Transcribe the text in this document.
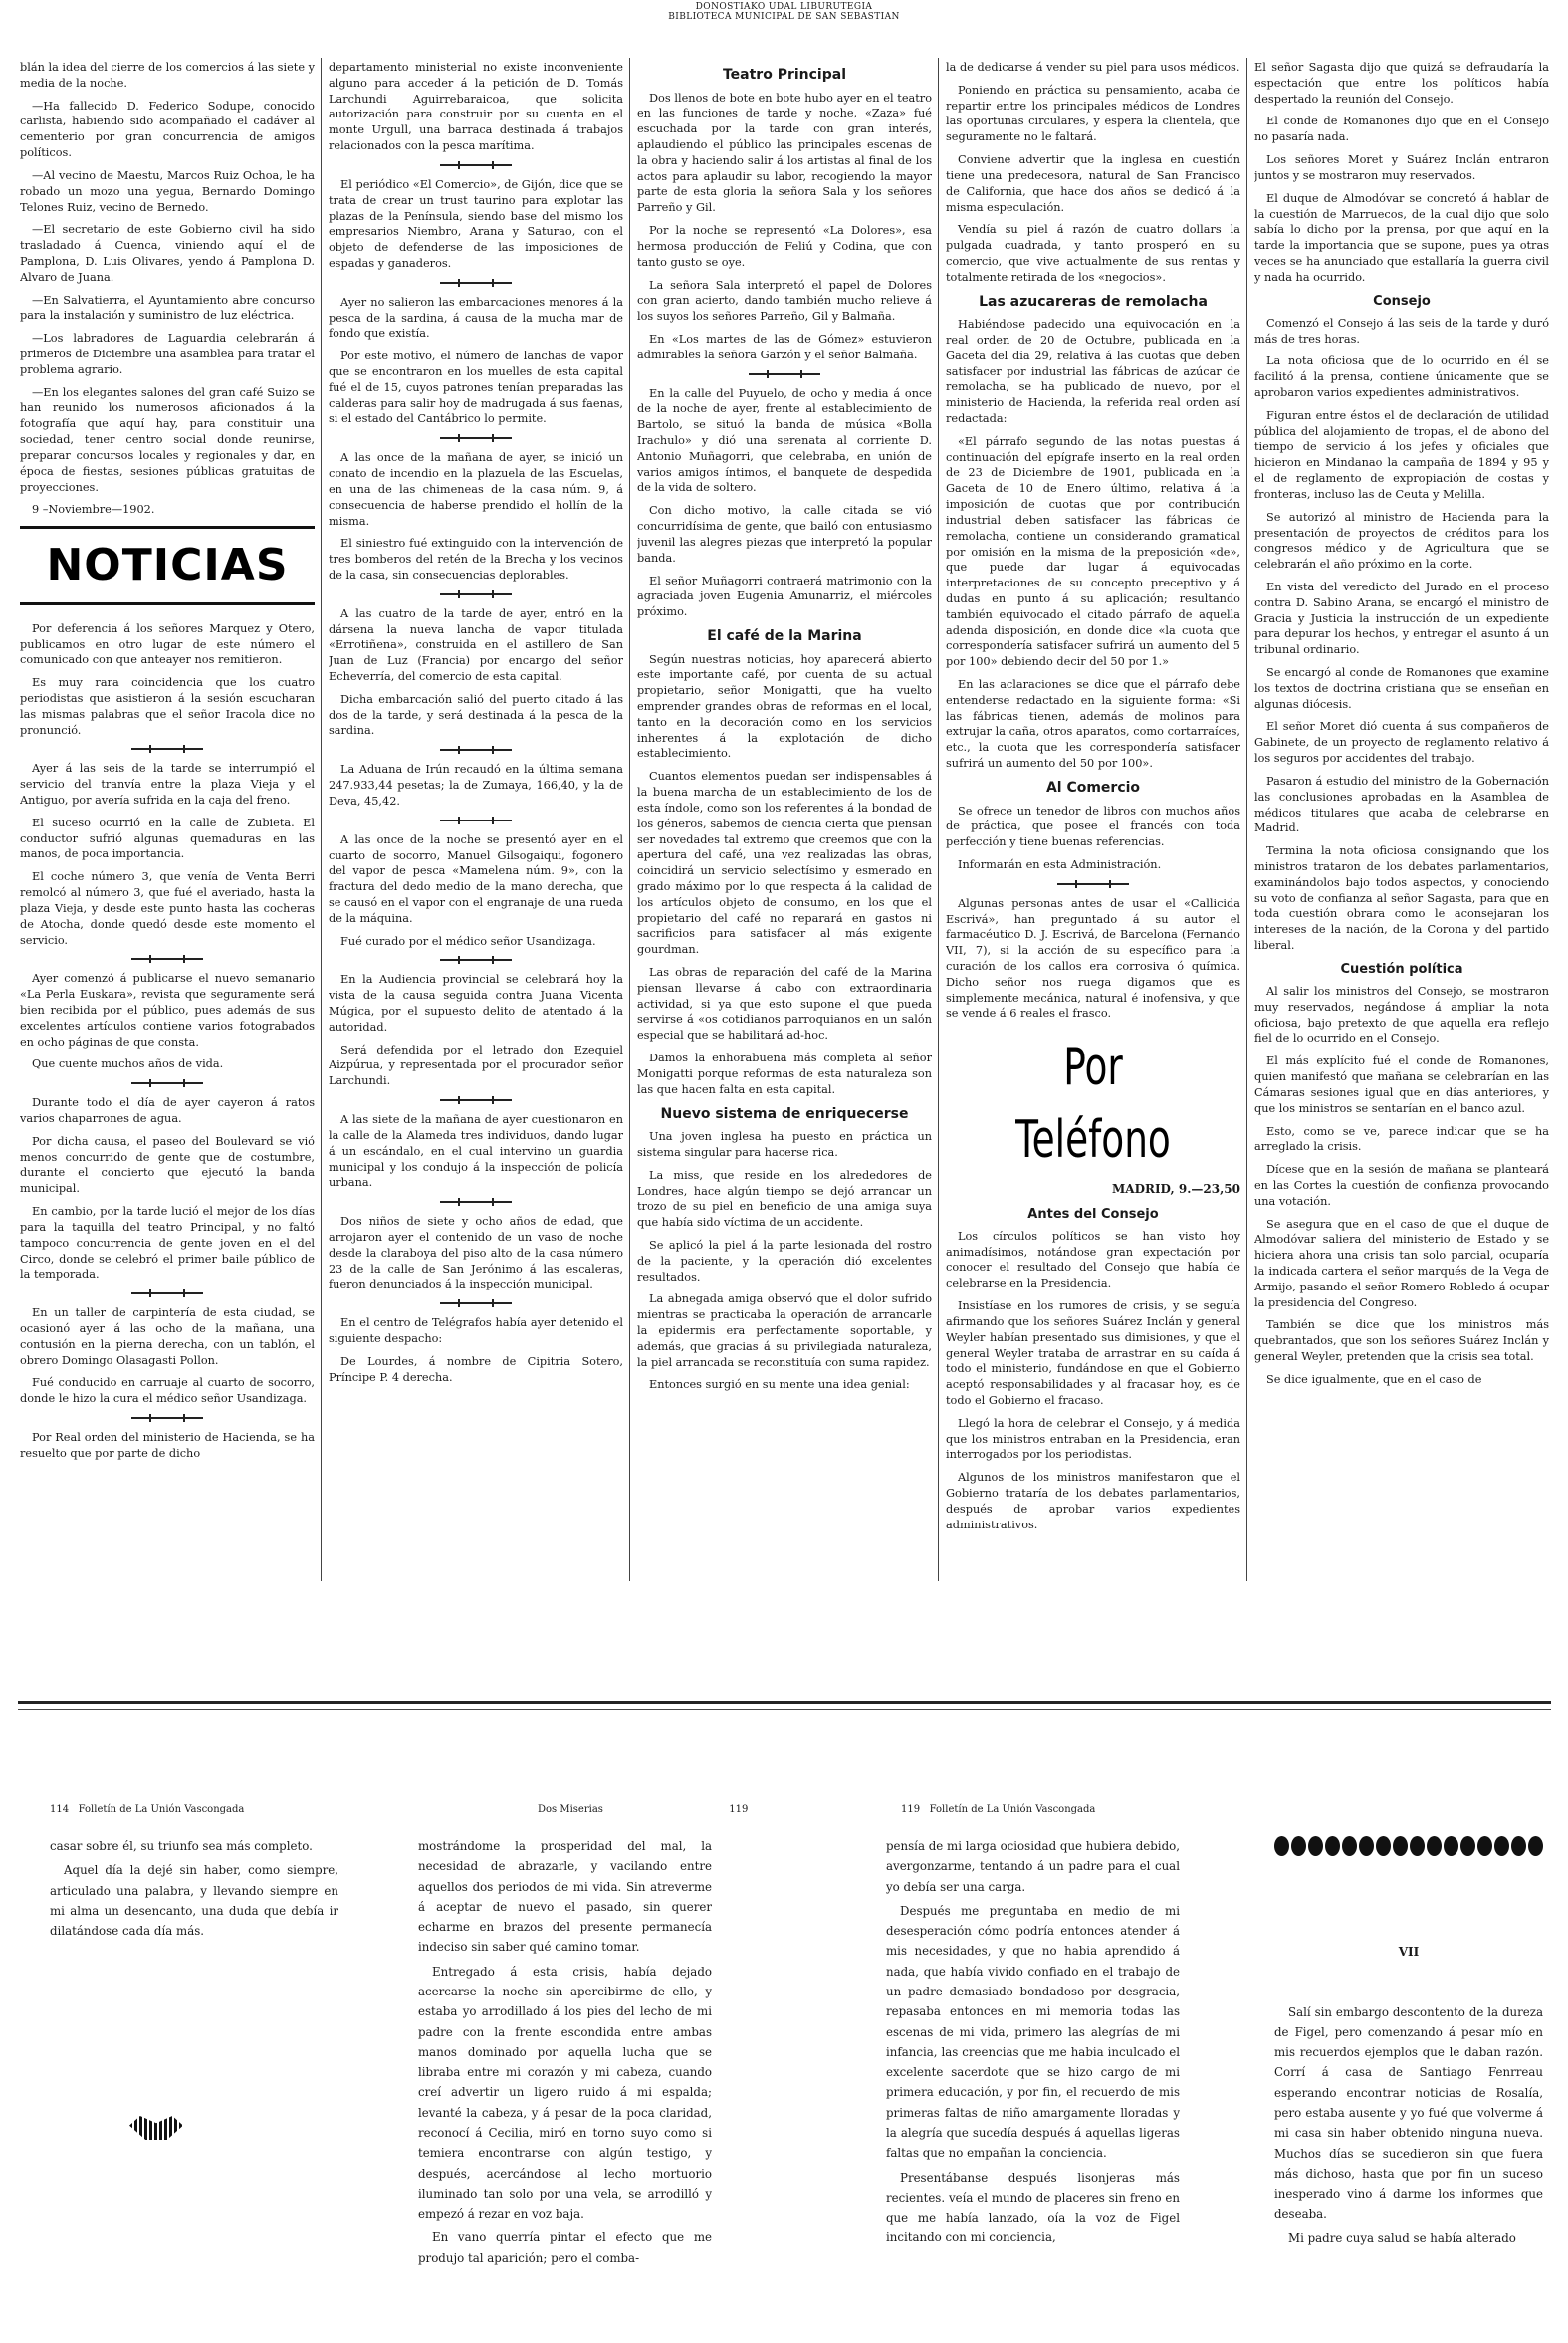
DONOSTIAKO UDAL LIBURUTEGIA
BIBLIOTECA MUNICIPAL DE SAN SEBASTIAN

blán la idea del cierre de los comercios á las siete y media de la noche.

—Ha fallecido D. Federico Sodupe, conocido carlista, habiendo sido acompañado el cadáver al cementerio por gran concurrencia de amigos políticos.

—Al vecino de Maestu, Marcos Ruiz Ochoa, le ha robado un mozo una yegua, Bernardo Domingo Telones Ruiz, vecino de Bernedo.

—El secretario de este Gobierno civil ha sido trasladado á Cuenca, viniendo aquí el de Pamplona, D. Luis Olivares, yendo á Pamplona D. Alvaro de Juana.

—En Salvatierra, el Ayuntamiento abre concurso para la instalación y suministro de luz eléctrica.

—Los labradores de Laguardia celebrarán á primeros de Diciembre una asamblea para tratar el problema agrario.

—En los elegantes salones del gran café Suizo se han reunido los numerosos aficionados á la fotografía que aquí hay, para constituir una sociedad, tener centro social donde reunirse, preparar concursos locales y regionales y dar, en época de fiestas, sesiones públicas gratuitas de proyecciones.

9 –Noviembre—1902.

NOTICIAS

Por deferencia á los señores Marquez y Otero, publicamos en otro lugar de este número el comunicado con que anteayer nos remitieron.

Es muy rara coincidencia que los cuatro periodistas que asistieron á la sesión escucharan las mismas palabras que el señor Iracola dice no pronunció.

Ayer á las seis de la tarde se interrumpió el servicio del tranvía entre la plaza Vieja y el Antiguo, por avería sufrida en la caja del freno.

El suceso ocurrió en la calle de Zubieta. El conductor sufrió algunas quemaduras en las manos, de poca importancia.

El coche número 3, que venía de Venta Berri remolcó al número 3, que fué el averiado, hasta la plaza Vieja, y desde este punto hasta las cocheras de Atocha, donde quedó desde este momento el servicio.

Ayer comenzó á publicarse el nuevo semanario «La Perla Euskara», revista que seguramente será bien recibida por el público, pues además de sus excelentes artículos contiene varios fotograbados en ocho páginas de que consta.

Que cuente muchos años de vida.

Durante todo el día de ayer cayeron á ratos varios chaparrones de agua.

Por dicha causa, el paseo del Boulevard se vió menos concurrido de gente que de costumbre, durante el concierto que ejecutó la banda municipal.

En cambio, por la tarde lució el mejor de los días para la taquilla del teatro Principal, y no faltó tampoco concurrencia de gente joven en el del Circo, donde se celebró el primer baile público de la temporada.

En un taller de carpintería de esta ciudad, se ocasionó ayer á las ocho de la mañana, una contusión en la pierna derecha, con un tablón, el obrero Domingo Olasagasti Pollon.

Fué conducido en carruaje al cuarto de socorro, donde le hizo la cura el médico señor Usandizaga.

Por Real orden del ministerio de Hacienda, se ha resuelto que por parte de dicho

departamento ministerial no existe inconveniente alguno para acceder á la petición de D. Tomás Larchundi Aguirrebaraicoa, que solicita autorización para construir por su cuenta en el monte Urgull, una barraca destinada á trabajos relacionados con la pesca marítima.

El periódico «El Comercio», de Gijón, dice que se trata de crear un trust taurino para explotar las plazas de la Península, siendo base del mismo los empresarios Niembro, Arana y Saturao, con el objeto de defenderse de las imposiciones de espadas y ganaderos.

Ayer no salieron las embarcaciones menores á la pesca de la sardina, á causa de la mucha mar de fondo que existía.

Por este motivo, el número de lanchas de vapor que se encontraron en los muelles de esta capital fué el de 15, cuyos patrones tenían preparadas las calderas para salir hoy de madrugada á sus faenas, si el estado del Cantábrico lo permite.

A las once de la mañana de ayer, se inició un conato de incendio en la plazuela de las Escuelas, en una de las chimeneas de la casa núm. 9, á consecuencia de haberse prendido el hollín de la misma.

El siniestro fué extinguido con la intervención de tres bomberos del retén de la Brecha y los vecinos de la casa, sin consecuencias deplorables.

A las cuatro de la tarde de ayer, entró en la dársena la nueva lancha de vapor titulada «Errotiñena», construida en el astillero de San Juan de Luz (Francia) por encargo del señor Echeverría, del comercio de esta capital.

Dicha embarcación salió del puerto citado á las dos de la tarde, y será destinada á la pesca de la sardina.

La Aduana de Irún recaudó en la última semana 247.933,44 pesetas; la de Zumaya, 166,40, y la de Deva, 45,42.

A las once de la noche se presentó ayer en el cuarto de socorro, Manuel Gilsogaiqui, fogonero del vapor de pesca «Mamelena núm. 9», con la fractura del dedo medio de la mano derecha, que se causó en el vapor con el engranaje de una rueda de la máquina.

Fué curado por el médico señor Usandizaga.

En la Audiencia provincial se celebrará hoy la vista de la causa seguida contra Juana Vicenta Múgica, por el supuesto delito de atentado á la autoridad.

Será defendida por el letrado don Ezequiel Aizpúrua, y representada por el procurador señor Larchundi.

A las siete de la mañana de ayer cuestionaron en la calle de la Alameda tres individuos, dando lugar á un escándalo, en el cual intervino un guardia municipal y los condujo á la inspección de policía urbana.

Dos niños de siete y ocho años de edad, que arrojaron ayer el contenido de un vaso de noche desde la claraboya del piso alto de la casa número 23 de la calle de San Jerónimo á las escaleras, fueron denunciados á la inspección municipal.

En el centro de Telégrafos había ayer detenido el siguiente despacho:

De Lourdes, á nombre de Cipitria Sotero, Príncipe P. 4 derecha.

Teatro Principal

Dos llenos de bote en bote hubo ayer en el teatro en las funciones de tarde y noche, «Zaza» fué escuchada por la tarde con gran interés, aplaudiendo el público las principales escenas de la obra y haciendo salir á los artistas al final de los actos para aplaudir su labor, recogiendo la mayor parte de esta gloria la señora Sala y los señores Parreño y Gil.

Por la noche se representó «La Dolores», esa hermosa producción de Feliú y Codina, que con tanto gusto se oye.

La señora Sala interpretó el papel de Dolores con gran acierto, dando también mucho relieve á los suyos los señores Parreño, Gil y Balmaña.

En «Los martes de las de Gómez» estuvieron admirables la señora Garzón y el señor Balmaña.

En la calle del Puyuelo, de ocho y media á once de la noche de ayer, frente al establecimiento de Bartolo, se situó la banda de música «Bolla Irachulo» y dió una serenata al corriente D. Antonio Muñagorri, que celebraba, en unión de varios amigos íntimos, el banquete de despedida de la vida de soltero.

Con dicho motivo, la calle citada se vió concurridísima de gente, que bailó con entusiasmo juvenil las alegres piezas que interpretó la popular banda.

El señor Muñagorri contraerá matrimonio con la agraciada joven Eugenia Amunarriz, el miércoles próximo.

El café de la Marina

Según nuestras noticias, hoy aparecerá abierto este importante café, por cuenta de su actual propietario, señor Monigatti, que ha vuelto emprender grandes obras de reformas en el local, tanto en la decoración como en los servicios inherentes á la explotación de dicho establecimiento.

Cuantos elementos puedan ser indispensables á la buena marcha de un establecimiento de los de esta índole, como son los referentes á la bondad de los géneros, sabemos de ciencia cierta que piensan ser novedades tal extremo que creemos que con la apertura del café, una vez realizadas las obras, coincidirá un servicio selectísimo y esmerado en grado máximo por lo que respecta á la calidad de los artículos objeto de consumo, en los que el propietario del café no reparará en gastos ni sacrificios para satisfacer al más exigente gourdman.

Las obras de reparación del café de la Marina piensan llevarse á cabo con extraordinaria actividad, si ya que esto supone el que pueda servirse á «os cotidianos parroquianos en un salón especial que se habilitará ad-hoc.

Damos la enhorabuena más completa al señor Monigatti porque reformas de esta naturaleza son las que hacen falta en esta capital.

Nuevo sistema de enriquecerse

Una joven inglesa ha puesto en práctica un sistema singular para hacerse rica.

La miss, que reside en los alrededores de Londres, hace algún tiempo se dejó arrancar un trozo de su piel en beneficio de una amiga suya que había sido víctima de un accidente.

Se aplicó la piel á la parte lesionada del rostro de la paciente, y la operación dió excelentes resultados.

La abnegada amiga observó que el dolor sufrido mientras se practicaba la operación de arrancarle la epidermis era perfectamente soportable, y además, que gracias á su privilegiada naturaleza, la piel arrancada se reconstituía con suma rapidez.

Entonces surgió en su mente una idea genial:

la de dedicarse á vender su piel para usos médicos.

Poniendo en práctica su pensamiento, acaba de repartir entre los principales médicos de Londres las oportunas circulares, y espera la clientela, que seguramente no le faltará.

Conviene advertir que la inglesa en cuestión tiene una predecesora, natural de San Francisco de California, que hace dos años se dedicó á la misma especulación.

Vendía su piel á razón de cuatro dollars la pulgada cuadrada, y tanto prosperó en su comercio, que vive actualmente de sus rentas y totalmente retirada de los «negocios».

Las azucareras de remolacha

Habiéndose padecido una equivocación en la real orden de 20 de Octubre, publicada en la Gaceta del día 29, relativa á las cuotas que deben satisfacer por industrial las fábricas de azúcar de remolacha, se ha publicado de nuevo, por el ministerio de Hacienda, la referida real orden así redactada:

«El párrafo segundo de las notas puestas á continuación del epígrafe inserto en la real orden de 23 de Diciembre de 1901, publicada en la Gaceta de 10 de Enero último, relativa á la imposición de cuotas que por contribución industrial deben satisfacer las fábricas de remolacha, contiene un considerando gramatical por omisión en la misma de la preposición «de», que puede dar lugar á equivocadas interpretaciones de su concepto preceptivo y á dudas en punto á su aplicación; resultando también equivocado el citado párrafo de aquella adenda disposición, en donde dice «la cuota que correspondería satisfacer sufrirá un aumento del 5 por 100» debiendo decir del 50 por 1.»

En las aclaraciones se dice que el párrafo debe entenderse redactado en la siguiente forma: «Si las fábricas tienen, además de molinos para extrujar la caña, otros aparatos, como cortarraíces, etc., la cuota que les correspondería satisfacer sufrirá un aumento del 50 por 100».

Al Comercio

Se ofrece un tenedor de libros con muchos años de práctica, que posee el francés con toda perfección y tiene buenas referencias.

Informarán en esta Administración.

Algunas personas antes de usar el «Callicida Escrivá», han preguntado á su autor el farmacéutico D. J. Escrivá, de Barcelona (Fernando VII, 7), si la acción de su específico para la curación de los callos era corrosiva ó química. Dicho señor nos ruega digamos que es simplemente mecánica, natural é inofensiva, y que se vende á 6 reales el frasco.

Por Teléfono
MADRID, 9.—23,50
Antes del Consejo

Los círculos políticos se han visto hoy animadísimos, notándose gran expectación por conocer el resultado del Consejo que había de celebrarse en la Presidencia.

Insistíase en los rumores de crisis, y se seguía afirmando que los señores Suárez Inclán y general Weyler habían presentado sus dimisiones, y que el general Weyler trataba de arrastrar en su caída á todo el ministerio, fundándose en que el Gobierno aceptó responsabilidades y al fracasar hoy, es de todo el Gobierno el fracaso.

Llegó la hora de celebrar el Consejo, y á medida que los ministros entraban en la Presidencia, eran interrogados por los periodistas.

Algunos de los ministros manifestaron que el Gobierno trataría de los debates parlamentarios, después de aprobar varios expedientes administrativos.

El señor Sagasta dijo que quizá se defraudaría la espectación que entre los políticos había despertado la reunión del Consejo.

El conde de Romanones dijo que en el Consejo no pasaría nada.

Los señores Moret y Suárez Inclán entraron juntos y se mostraron muy reservados.

El duque de Almodóvar se concretó á hablar de la cuestión de Marruecos, de la cual dijo que solo sabía lo dicho por la prensa, por que aquí en la tarde la importancia que se supone, pues ya otras veces se ha anunciado que estallaría la guerra civil y nada ha ocurrido.

Consejo

Comenzó el Consejo á las seis de la tarde y duró más de tres horas.

La nota oficiosa que de lo ocurrido en él se facilitó á la prensa, contiene únicamente que se aprobaron varios expedientes administrativos.

Figuran entre éstos el de declaración de utilidad pública del alojamiento de tropas, el de abono del tiempo de servicio á los jefes y oficiales que hicieron en Mindanao la campaña de 1894 y 95 y el de reglamento de expropiación de costas y fronteras, incluso las de Ceuta y Melilla.

Se autorizó al ministro de Hacienda para la presentación de proyectos de créditos para los congresos médico y de Agricultura que se celebrarán el año próximo en la corte.

En vista del veredicto del Jurado en el proceso contra D. Sabino Arana, se encargó el ministro de Gracia y Justicia la instrucción de un expediente para depurar los hechos, y entregar el asunto á un tribunal ordinario.

Se encargó al conde de Romanones que examine los textos de doctrina cristiana que se enseñan en algunas diócesis.

El señor Moret dió cuenta á sus compañeros de Gabinete, de un proyecto de reglamento relativo á los seguros por accidentes del trabajo.

Pasaron á estudio del ministro de la Gobernación las conclusiones aprobadas en la Asamblea de médicos titulares que acaba de celebrarse en Madrid.

Termina la nota oficiosa consignando que los ministros trataron de los debates parlamentarios, examinándolos bajo todos aspectos, y conociendo su voto de confianza al señor Sagasta, para que en toda cuestión obrara como le aconsejaran los intereses de la nación, de la Corona y del partido liberal.

Cuestión política

Al salir los ministros del Consejo, se mostraron muy reservados, negándose á ampliar la nota oficiosa, bajo pretexto de que aquella era reflejo fiel de lo ocurrido en el Consejo.

El más explícito fué el conde de Romanones, quien manifestó que mañana se celebrarían en las Cámaras sesiones igual que en días anteriores, y que los ministros se sentarían en el banco azul.

Esto, como se ve, parece indicar que se ha arreglado la crisis.

Dícese que en la sesión de mañana se planteará en las Cortes la cuestión de confianza provocando una votación.

Se asegura que en el caso de que el duque de Almodóvar saliera del ministerio de Estado y se hiciera ahora una crisis tan solo parcial, ocuparía la indicada cartera el señor marqués de la Vega de Armijo, pasando el señor Romero Robledo á ocupar la presidencia del Congreso.

También se dice que los ministros más quebrantados, que son los señores Suárez Inclán y general Weyler, pretenden que la crisis sea total.

Se dice igualmente, que en el caso de

114 Folletín de La Unión Vascongada	Dos Miserias	119	119 Folletín de La Unión Vascongada

casar sobre él, su triunfo sea más completo.

Aquel día la dejé sin haber, como siempre, articulado una palabra, y llevando siempre en mi alma un desencanto, una duda que debía ir dilatándose cada día más.

mostrándome la prosperidad del mal, la necesidad de abrazarle, y vacilando entre aquellos dos periodos de mi vida. Sin atreverme á aceptar de nuevo el pasado, sin querer echarme en brazos del presente permanecía indeciso sin saber qué camino tomar.

Entregado á esta crisis, había dejado acercarse la noche sin apercibirme de ello, y estaba yo arrodillado á los pies del lecho de mi padre con la frente escondida entre ambas manos dominado por aquella lucha que se libraba entre mi corazón y mi cabeza, cuando creí advertir un ligero ruido á mi espalda; levanté la cabeza, y á pesar de la poca claridad, reconocí á Cecilia, miró en torno suyo como si temiera encontrarse con algún testigo, y después, acercándose al lecho mortuorio iluminado tan solo por una vela, se arrodilló y empezó á rezar en voz baja.

En vano querría pintar el efecto que me produjo tal aparición; pero el comba-

pensía de mi larga ociosidad que hubiera debido, avergonzarme, tentando á un padre para el cual yo debía ser una carga.

Después me preguntaba en medio de mi desesperación cómo podría entonces atender á mis necesidades, y que no habia aprendido á nada, que había vivido confiado en el trabajo de un padre demasiado bondadoso por desgracia, repasaba entonces en mi memoria todas las escenas de mi vida, primero las alegrías de mi infancia, las creencias que me habia inculcado el excelente sacerdote que se hizo cargo de mi primera educación, y por fin, el recuerdo de mis primeras faltas de niño amargamente lloradas y la alegría que sucedía después á aquellas ligeras faltas que no empañan la conciencia.

Presentábanse después lisonjeras más recientes. veía el mundo de placeres sin freno en que me había lanzado, oía la voz de Figel incitando con mi conciencia,

VII

Salí sin embargo descontento de la dureza de Figel, pero comenzando á pesar mío en mis recuerdos ejemplos que le daban razón. Corrí á casa de Santiago Fenrreau esperando encontrar noticias de Rosalía, pero estaba ausente y yo fué que volverme á mi casa sin haber obtenido ninguna nueva. Muchos días se sucedieron sin que fuera más dichoso, hasta que por fin un suceso inesperado vino á darme los informes que deseaba.

Mi padre cuya salud se había alterado
